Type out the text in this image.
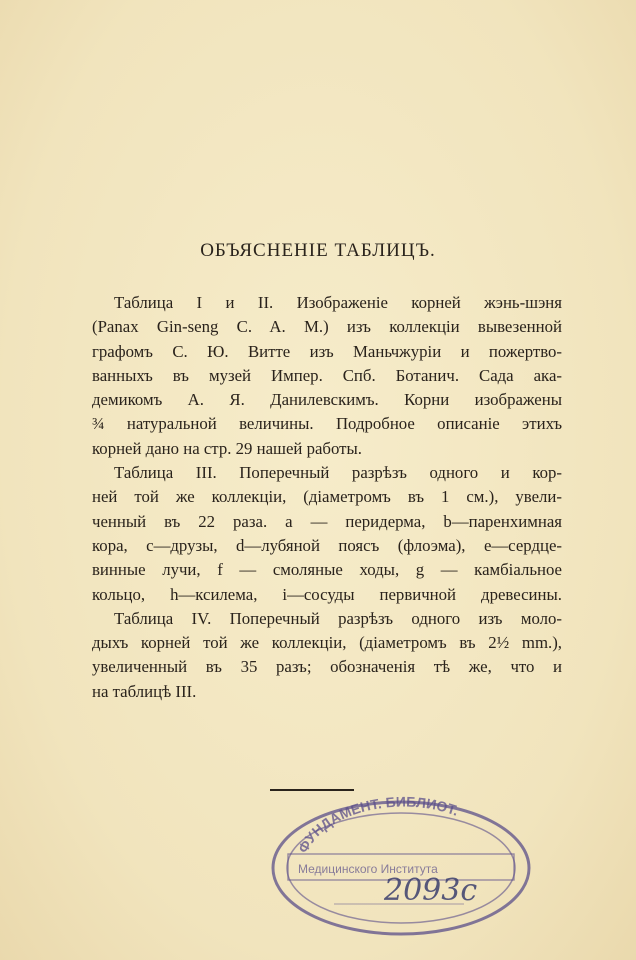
ОБЪЯСНЕНІЕ ТАБЛИЦЪ.

Таблица I и II. Изображеніе корней жэнь-шэня
(Panax Gin-seng C. A. M.) изъ коллекціи вывезенной
графомъ С. Ю. Витте изъ Маньчжуріи и пожертво-
ванныхъ въ музей Импер. Спб. Ботанич. Сада ака-
демикомъ А. Я. Данилевскимъ. Корни изображены
¾ натуральной величины. Подробное описаніе этихъ
корней дано на стр. 29 нашей работы.

Таблица III. Поперечный разрѣзъ одного и кор-
ней той же коллекціи, (діаметромъ въ 1 см.), увели-
ченный въ 22 раза. a — перидерма, b—паренхимная
кора, c—друзы, d—лубяной поясъ (флоэма), e—сердце-
винные лучи, f — смоляные ходы, g — камбіальное
кольцо, h—ксилема, i—сосуды первичной древесины.

Таблица IV. Поперечный разрѣзъ одного изъ моло-
дыхъ корней той же коллекціи, (діаметромъ въ 2½ mm.),
увеличенный въ 35 разъ; обозначенія тѣ же, что и
на таблицѣ III.

ФУНДАМЕНТ. БИБЛИОТ.
Медицинского Института
2093с
